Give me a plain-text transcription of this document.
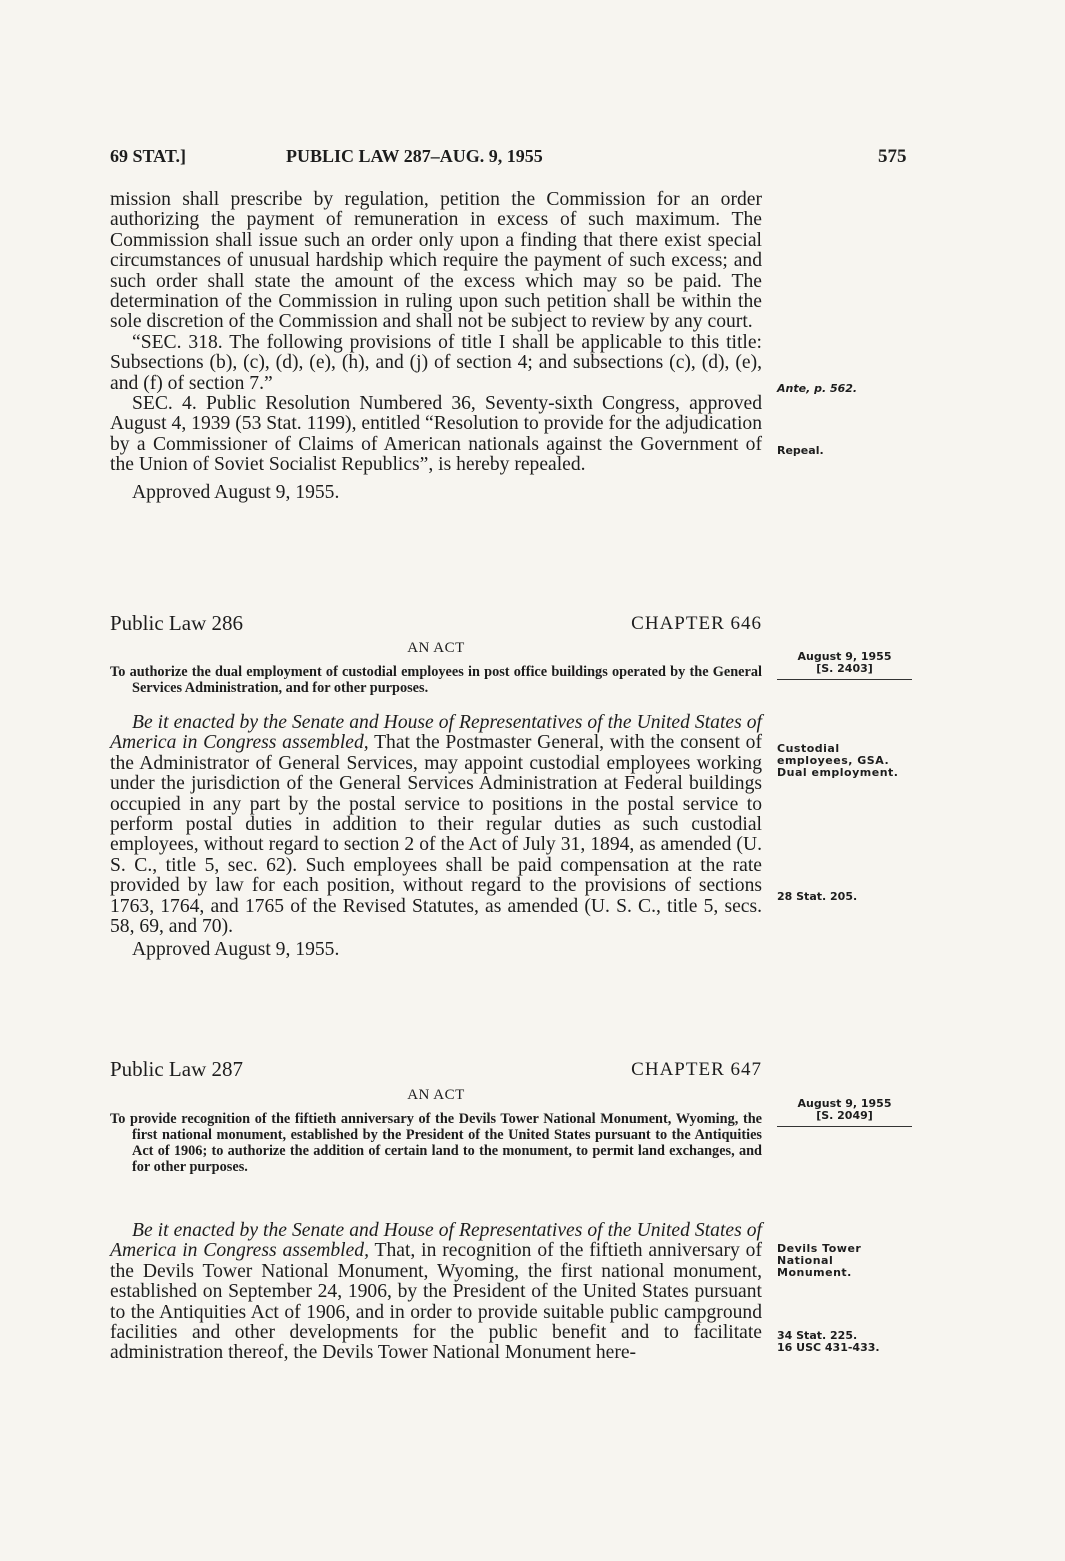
69 STAT.]	PUBLIC LAW 287–AUG. 9, 1955	575

mission shall prescribe by regulation, petition the Commission for an order authorizing the payment of remuneration in excess of such maximum. The Commission shall issue such an order only upon a finding that there exist special circumstances of unusual hardship which require the payment of such excess; and such order shall state the amount of the excess which may so be paid. The determination of the Commission in ruling upon such petition shall be within the sole discretion of the Commission and shall not be subject to review by any court.

“SEC. 318. The following provisions of title I shall be applicable to this title: Subsections (b), (c), (d), (e), (h), and (j) of section 4; and subsections (c), (d), (e), and (f) of section 7.”

SEC. 4. Public Resolution Numbered 36, Seventy-sixth Congress, approved August 4, 1939 (53 Stat. 1199), entitled “Resolution to provide for the adjudication by a Commissioner of Claims of American nationals against the Government of the Union of Soviet Socialist Republics”, is hereby repealed.

Approved August 9, 1955.

Public Law 286	CHAPTER 646
AN ACT

To authorize the dual employment of custodial employees in post office buildings operated by the General Services Administration, and for other purposes.

Be it enacted by the Senate and House of Representatives of the United States of America in Congress assembled, That the Postmaster General, with the consent of the Administrator of General Services, may appoint custodial employees working under the jurisdiction of the General Services Administration at Federal buildings occupied in any part by the postal service to positions in the postal service to perform postal duties in addition to their regular duties as such custodial employees, without regard to section 2 of the Act of July 31, 1894, as amended (U. S. C., title 5, sec. 62). Such employees shall be paid compensation at the rate provided by law for each position, without regard to the provisions of sections 1763, 1764, and 1765 of the Revised Statutes, as amended (U. S. C., title 5, secs. 58, 69, and 70).

Approved August 9, 1955.

Public Law 287	CHAPTER 647
AN ACT

To provide recognition of the fiftieth anniversary of the Devils Tower National Monument, Wyoming, the first national monument, established by the President of the United States pursuant to the Antiquities Act of 1906; to authorize the addition of certain land to the monument, to permit land exchanges, and for other purposes.

Be it enacted by the Senate and House of Representatives of the United States of America in Congress assembled, That, in recognition of the fiftieth anniversary of the Devils Tower National Monument, Wyoming, the first national monument, established on September 24, 1906, by the President of the United States pursuant to the Antiquities Act of 1906, and in order to provide suitable public campground facilities and other developments for the public benefit and to facilitate administration thereof, the Devils Tower National Monument here-

Ante, p. 562.
Repeal.
August 9, 1955
[S. 2403]
Custodial employees, GSA. Dual employment.
28 Stat. 205.
August 9, 1955
[S. 2049]
Devils Tower National Monument.
34 Stat. 225.
16 USC 431-433.
